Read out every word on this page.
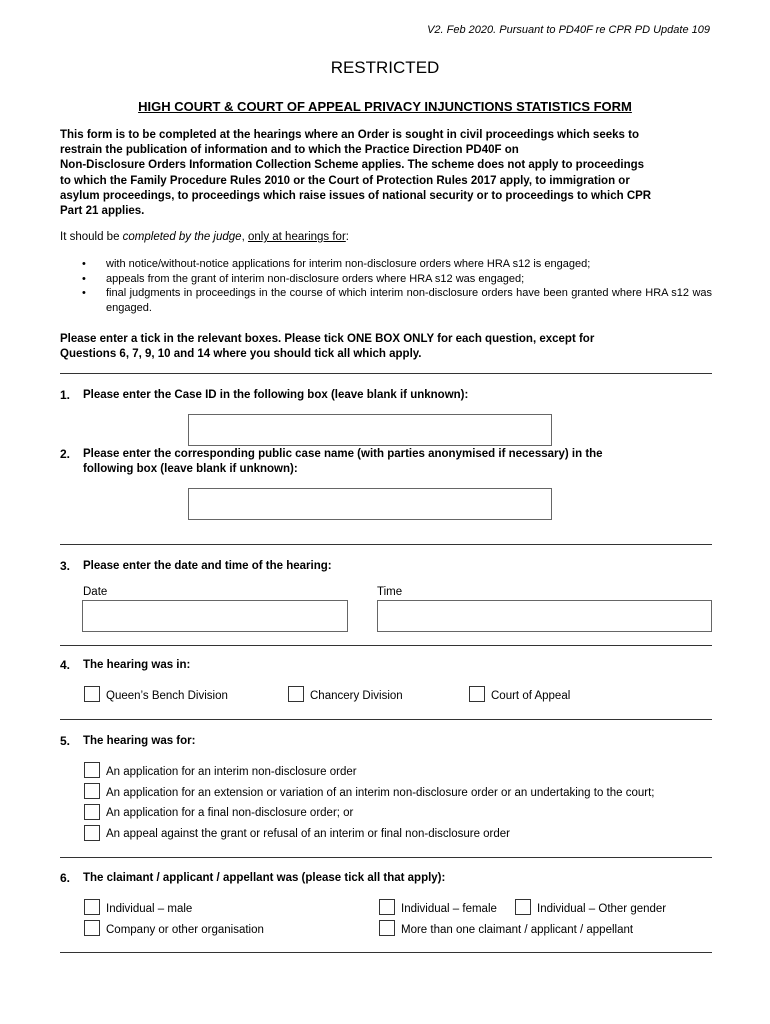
V2. Feb 2020. Pursuant to PD40F re CPR PD Update 109
RESTRICTED
HIGH COURT & COURT OF APPEAL PRIVACY INJUNCTIONS STATISTICS FORM

This form is to be completed at the hearings where an Order is sought in civil proceedings which seeks to

restrain the publication of information and to which the Practice Direction PD40F on

Non-Disclosure Orders Information Collection Scheme applies. The scheme does not apply to proceedings

to which the Family Procedure Rules 2010 or the Court of Protection Rules 2017 apply, to immigration or

asylum proceedings, to proceedings which raise issues of national security or to proceedings to which CPR

Part 21 applies.

It should be completed by the judge, only at hearings for:
• with notice/without-notice applications for interim non-disclosure orders where HRA s12 is engaged;
• appeals from the grant of interim non-disclosure orders where HRA s12 was engaged;
• final judgments in proceedings in the course of which interim non-disclosure orders have been granted where HRA s12 was engaged.
Please enter a tick in the relevant boxes. Please tick ONE BOX ONLY for each question, except for
Questions 6, 7, 9, 10 and 14 where you should tick all which apply.
1. Please enter the Case ID in the following box (leave blank if unknown):
2. Please enter the corresponding public case name (with parties anonymised if necessary) in the
following box (leave blank if unknown):
3. Please enter the date and time of the hearing:
Date	Time
4. The hearing was in:
Queen’s Bench Division	Chancery Division	Court of Appeal
5. The hearing was for:
An application for an interim non-disclosure order
An application for an extension or variation of an interim non-disclosure order or an undertaking to the court;
An application for a final non-disclosure order; or
An appeal against the grant or refusal of an interim or final non-disclosure order
6. The claimant / applicant / appellant was (please tick all that apply):
Individual – male	Individual – female	Individual – Other gender
Company or other organisation	More than one claimant / applicant / appellant
